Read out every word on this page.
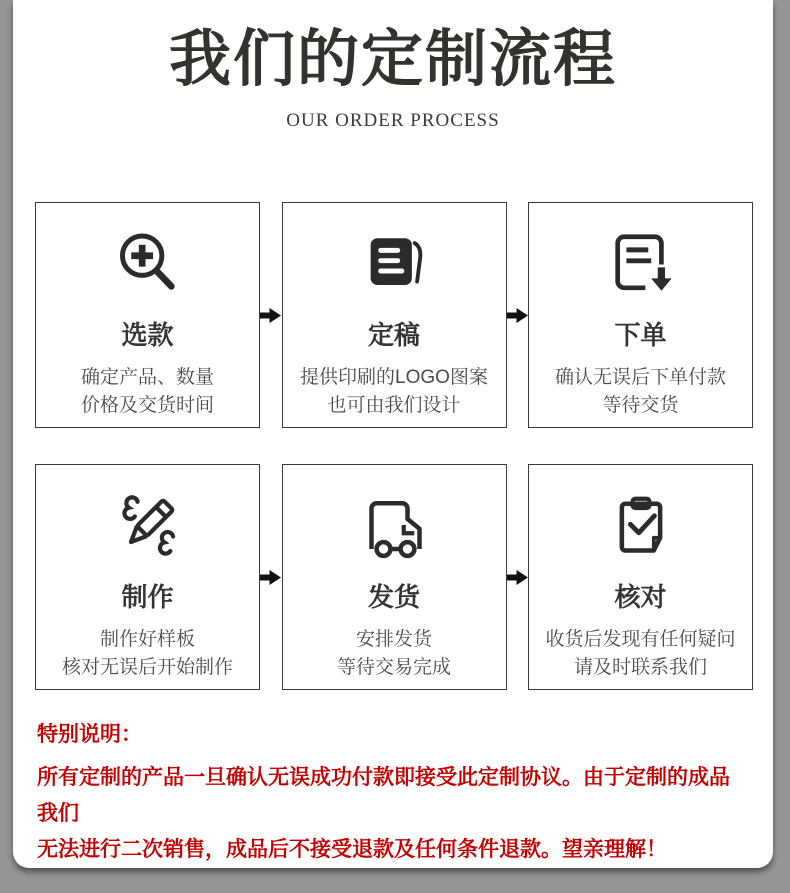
我们的定制流程
OUR ORDER PROCESS
选款
确定产品、数量
价格及交货时间
定稿
提供印刷的LOGO图案
也可由我们设计
下单
确认无误后下单付款
等待交货
制作
制作好样板
核对无误后开始制作
发货
安排发货
等待交易完成
核对
收货后发现有任何疑问
请及时联系我们
特别说明：
所有定制的产品一旦确认无误成功付款即接受此定制协议。由于定制的成品我们
无法进行二次销售，成品后不接受退款及任何条件退款。望亲理解！
